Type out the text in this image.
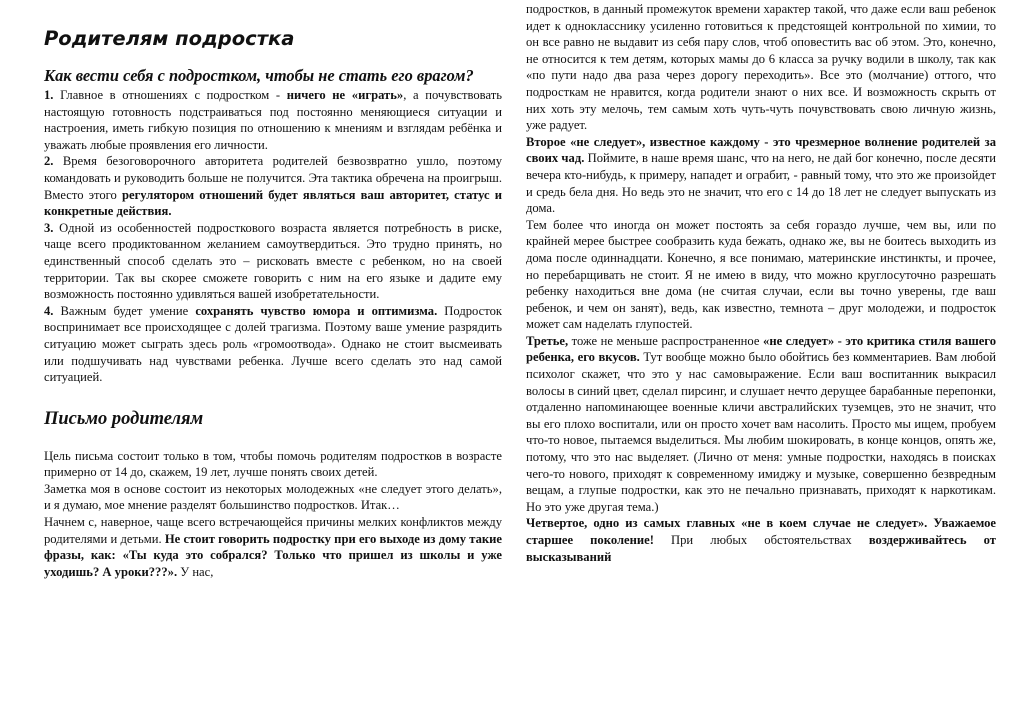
Родителям подростка
Как вести себя с подростком, чтобы не стать его врагом?

1. Главное в отношениях с подростком - ничего не «играть», а почувствовать настоящую готовность подстраиваться под постоянно меняющиеся ситуации и настроения, иметь гибкую позиция по отношению к мнениям и взглядам ребёнка и уважать любые проявления его личности.

2. Время безоговорочного авторитета родителей безвозвратно ушло, поэтому командовать и руководить больше не получится. Эта тактика обречена на проигрыш. Вместо этого регулятором отношений будет являться ваш авторитет, статус и конкретные действия.

3. Одной из особенностей подросткового возраста является потребность в риске, чаще всего продиктованном желанием самоутвердиться. Это трудно принять, но единственный способ сделать это – рисковать вместе с ребенком, но на своей территории. Так вы скорее сможете говорить с ним на его языке и дадите ему возможность постоянно удивляться вашей изобретательности.

4. Важным будет умение сохранять чувство юмора и оптимизма. Подросток воспринимает все происходящее с долей трагизма. Поэтому ваше умение разрядить ситуацию может сыграть здесь роль «громоотвода». Однако не стоит высмеивать или подшучивать над чувствами ребенка. Лучше всего сделать это над самой ситуацией.

Письмо родителям

Цель письма состоит только в том, чтобы помочь родителям подростков в возрасте примерно от 14 до, скажем, 19 лет, лучше понять своих детей.

Заметка моя в основе состоит из некоторых молодежных «не следует этого делать», и я думаю, мое мнение разделят большинство подростков. Итак…

Начнем с, наверное, чаще всего встречающейся причины мелких конфликтов между родителями и детьми. Не стоит говорить подростку при его выходе из дому такие фразы, как: «Ты куда это собрался? Только что пришел из школы и уже уходишь? А уроки???». У нас,

подростков, в данный промежуток времени характер такой, что даже если ваш ребенок идет к однокласснику усиленно готовиться к предстоящей контрольной по химии, то он все равно не выдавит из себя пару слов, чтоб оповестить вас об этом. Это, конечно, не относится к тем детям, которых мамы до 6 класса за ручку водили в школу, так как «по пути надо два раза через дорогу переходить». Все это (молчание) оттого, что подросткам не нравится, когда родители знают о них все. И возможность скрыть от них хоть эту мелочь, тем самым хоть чуть-чуть почувствовать свою личную жизнь, уже радует.

Второе «не следует», известное каждому - это чрезмерное волнение родителей за своих чад. Поймите, в наше время шанс, что на него, не дай бог конечно, после десяти вечера кто-нибудь, к примеру, нападет и ограбит, - равный тому, что это же произойдет и средь бела дня. Но ведь это не значит, что его с 14 до 18 лет не следует выпускать из дома.

Тем более что иногда он может постоять за себя гораздо лучше, чем вы, или по крайней мерее быстрее сообразить куда бежать, однако же, вы не боитесь выходить из дома после одиннадцати. Конечно, я все понимаю, материнские инстинкты, и прочее, но перебарщивать не стоит. Я не имею в виду, что можно круглосуточно разрешать ребенку находиться вне дома (не считая случаи, если вы точно уверены, где ваш ребенок, и чем он занят), ведь, как известно, темнота – друг молодежи, и подросток может сам наделать глупостей.

Третье, тоже не меньше распространенное «не следует» - это критика стиля вашего ребенка, его вкусов. Тут вообще можно было обойтись без комментариев. Вам любой психолог скажет, что это у нас самовыражение. Если ваш воспитанник выкрасил волосы в синий цвет, сделал пирсинг, и слушает нечто дерущее барабанные перепонки, отдаленно напоминающее военные кличи австралийских туземцев, это не значит, что вы его плохо воспитали, или он просто хочет вам насолить. Просто мы ищем, пробуем что-то новое, пытаемся выделиться. Мы любим шокировать, в конце концов, опять же, потому, что это нас выделяет. (Лично от меня: умные подростки, находясь в поисках чего-то нового, приходят к современному имиджу и музыке, совершенно безвредным вещам, а глупые подростки, как это не печально признавать, приходят к наркотикам. Но это уже другая тема.)

Четвертое, одно из самых главных «не в коем случае не следует». Уважаемое старшее поколение! При любых обстоятельствах воздерживайтесь от высказываний
